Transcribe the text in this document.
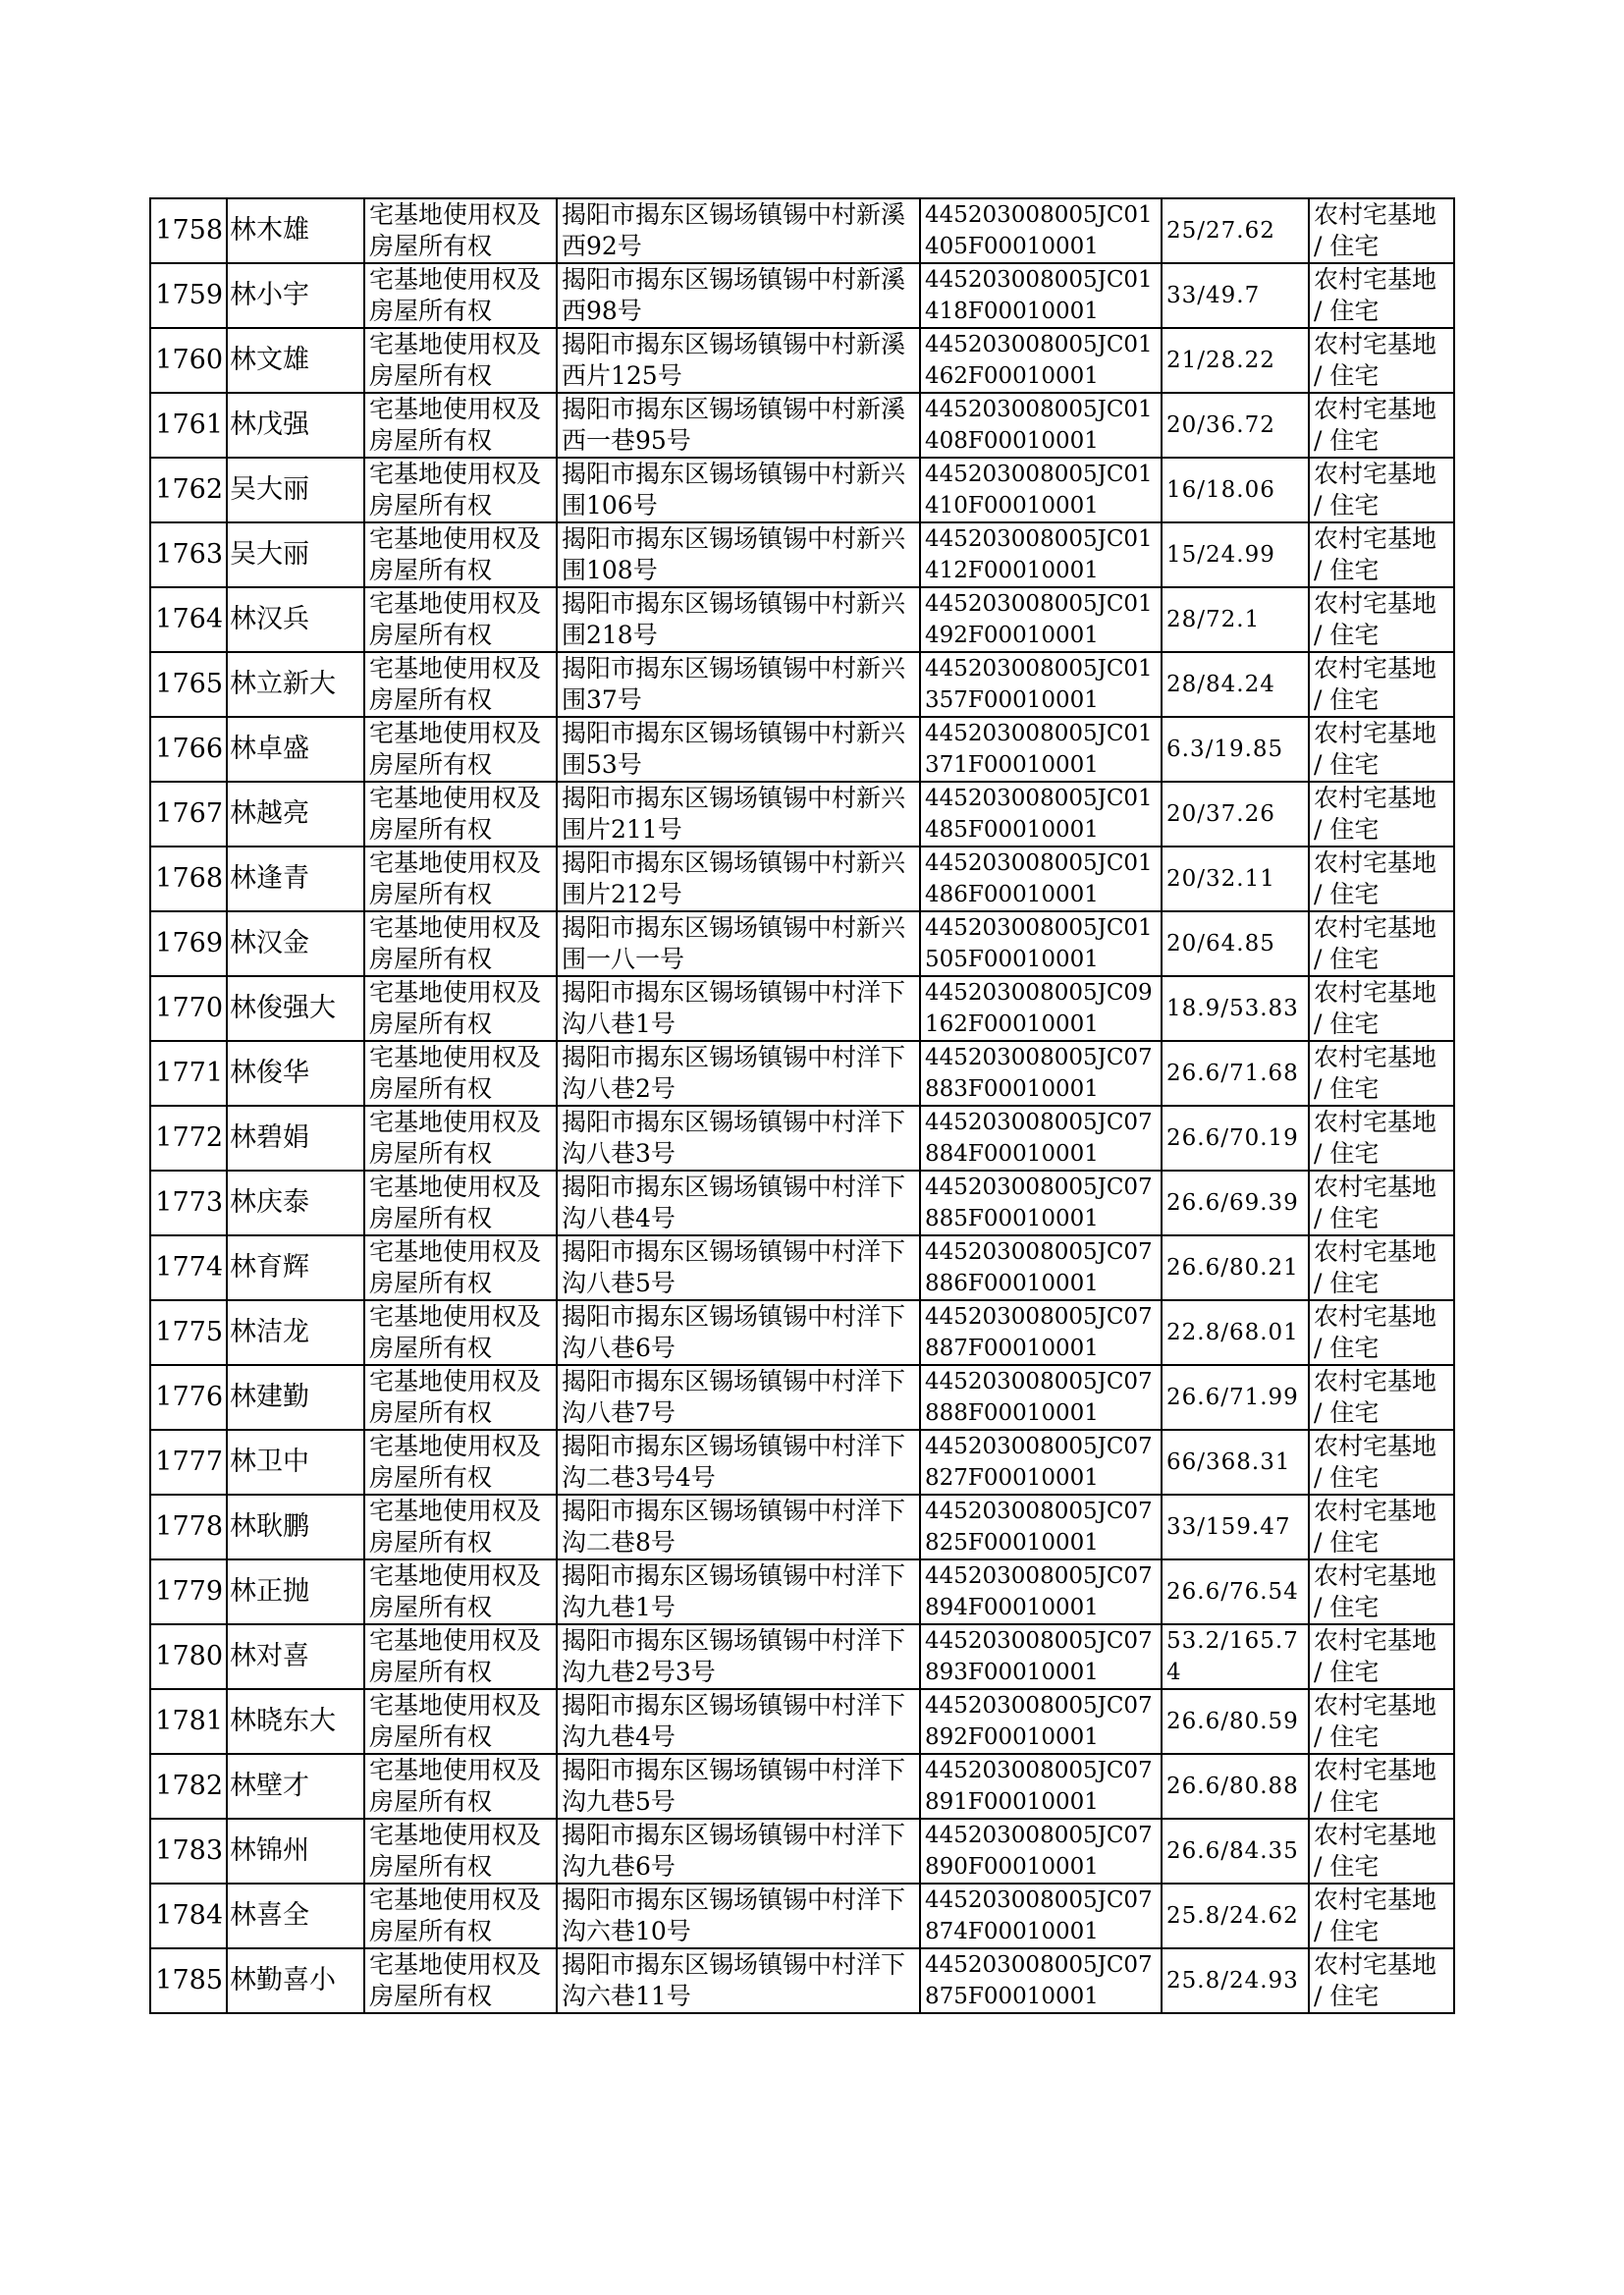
1758	林木雄	宅基地使用权及房屋所有权	揭阳市揭东区锡场镇锡中村新溪西92号	445203008005JC01405F00010001	25/27.62	农村宅基地 / 住宅
1759	林小宇	宅基地使用权及房屋所有权	揭阳市揭东区锡场镇锡中村新溪西98号	445203008005JC01418F00010001	33/49.7	农村宅基地 / 住宅
1760	林文雄	宅基地使用权及房屋所有权	揭阳市揭东区锡场镇锡中村新溪西片125号	445203008005JC01462F00010001	21/28.22	农村宅基地 / 住宅
1761	林戊强	宅基地使用权及房屋所有权	揭阳市揭东区锡场镇锡中村新溪西一巷95号	445203008005JC01408F00010001	20/36.72	农村宅基地 / 住宅
1762	吴大丽	宅基地使用权及房屋所有权	揭阳市揭东区锡场镇锡中村新兴围106号	445203008005JC01410F00010001	16/18.06	农村宅基地 / 住宅
1763	吴大丽	宅基地使用权及房屋所有权	揭阳市揭东区锡场镇锡中村新兴围108号	445203008005JC01412F00010001	15/24.99	农村宅基地 / 住宅
1764	林汉兵	宅基地使用权及房屋所有权	揭阳市揭东区锡场镇锡中村新兴围218号	445203008005JC01492F00010001	28/72.1	农村宅基地 / 住宅
1765	林立新大	宅基地使用权及房屋所有权	揭阳市揭东区锡场镇锡中村新兴围37号	445203008005JC01357F00010001	28/84.24	农村宅基地 / 住宅
1766	林卓盛	宅基地使用权及房屋所有权	揭阳市揭东区锡场镇锡中村新兴围53号	445203008005JC01371F00010001	6.3/19.85	农村宅基地 / 住宅
1767	林越亮	宅基地使用权及房屋所有权	揭阳市揭东区锡场镇锡中村新兴围片211号	445203008005JC01485F00010001	20/37.26	农村宅基地 / 住宅
1768	林逢青	宅基地使用权及房屋所有权	揭阳市揭东区锡场镇锡中村新兴围片212号	445203008005JC01486F00010001	20/32.11	农村宅基地 / 住宅
1769	林汉金	宅基地使用权及房屋所有权	揭阳市揭东区锡场镇锡中村新兴围一八一号	445203008005JC01505F00010001	20/64.85	农村宅基地 / 住宅
1770	林俊强大	宅基地使用权及房屋所有权	揭阳市揭东区锡场镇锡中村洋下沟八巷1号	445203008005JC09162F00010001	18.9/53.83	农村宅基地 / 住宅
1771	林俊华	宅基地使用权及房屋所有权	揭阳市揭东区锡场镇锡中村洋下沟八巷2号	445203008005JC07883F00010001	26.6/71.68	农村宅基地 / 住宅
1772	林碧娟	宅基地使用权及房屋所有权	揭阳市揭东区锡场镇锡中村洋下沟八巷3号	445203008005JC07884F00010001	26.6/70.19	农村宅基地 / 住宅
1773	林庆泰	宅基地使用权及房屋所有权	揭阳市揭东区锡场镇锡中村洋下沟八巷4号	445203008005JC07885F00010001	26.6/69.39	农村宅基地 / 住宅
1774	林育辉	宅基地使用权及房屋所有权	揭阳市揭东区锡场镇锡中村洋下沟八巷5号	445203008005JC07886F00010001	26.6/80.21	农村宅基地 / 住宅
1775	林洁龙	宅基地使用权及房屋所有权	揭阳市揭东区锡场镇锡中村洋下沟八巷6号	445203008005JC07887F00010001	22.8/68.01	农村宅基地 / 住宅
1776	林建勤	宅基地使用权及房屋所有权	揭阳市揭东区锡场镇锡中村洋下沟八巷7号	445203008005JC07888F00010001	26.6/71.99	农村宅基地 / 住宅
1777	林卫中	宅基地使用权及房屋所有权	揭阳市揭东区锡场镇锡中村洋下沟二巷3号4号	445203008005JC07827F00010001	66/368.31	农村宅基地 / 住宅
1778	林耿鹏	宅基地使用权及房屋所有权	揭阳市揭东区锡场镇锡中村洋下沟二巷8号	445203008005JC07825F00010001	33/159.47	农村宅基地 / 住宅
1779	林正抛	宅基地使用权及房屋所有权	揭阳市揭东区锡场镇锡中村洋下沟九巷1号	445203008005JC07894F00010001	26.6/76.54	农村宅基地 / 住宅
1780	林对喜	宅基地使用权及房屋所有权	揭阳市揭东区锡场镇锡中村洋下沟九巷2号3号	445203008005JC07893F00010001	53.2/165.74	农村宅基地 / 住宅
1781	林晓东大	宅基地使用权及房屋所有权	揭阳市揭东区锡场镇锡中村洋下沟九巷4号	445203008005JC07892F00010001	26.6/80.59	农村宅基地 / 住宅
1782	林壁才	宅基地使用权及房屋所有权	揭阳市揭东区锡场镇锡中村洋下沟九巷5号	445203008005JC07891F00010001	26.6/80.88	农村宅基地 / 住宅
1783	林锦州	宅基地使用权及房屋所有权	揭阳市揭东区锡场镇锡中村洋下沟九巷6号	445203008005JC07890F00010001	26.6/84.35	农村宅基地 / 住宅
1784	林喜全	宅基地使用权及房屋所有权	揭阳市揭东区锡场镇锡中村洋下沟六巷10号	445203008005JC07874F00010001	25.8/24.62	农村宅基地 / 住宅
1785	林勤喜小	宅基地使用权及房屋所有权	揭阳市揭东区锡场镇锡中村洋下沟六巷11号	445203008005JC07875F00010001	25.8/24.93	农村宅基地 / 住宅
